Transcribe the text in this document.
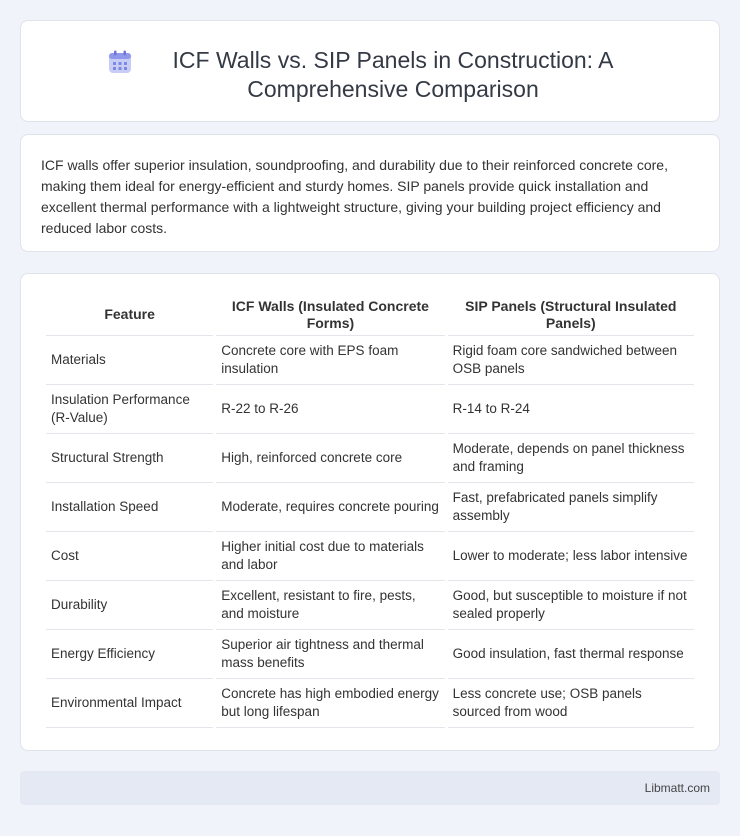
ICF Walls vs. SIP Panels in Construction: A Comprehensive Comparison

ICF walls offer superior insulation, soundproofing, and durability due to their reinforced concrete core, making them ideal for energy-efficient and sturdy homes. SIP panels provide quick installation and excellent thermal performance with a lightweight structure, giving your building project efficiency and reduced labor costs.

Feature	ICF Walls (Insulated Concrete Forms)	SIP Panels (Structural Insulated Panels)
Materials	Concrete core with EPS foam insulation	Rigid foam core sandwiched between OSB panels
Insulation Performance (R-Value)	R-22 to R-26	R-14 to R-24
Structural Strength	High, reinforced concrete core	Moderate, depends on panel thickness and framing
Installation Speed	Moderate, requires concrete pouring	Fast, prefabricated panels simplify assembly
Cost	Higher initial cost due to materials and labor	Lower to moderate; less labor intensive
Durability	Excellent, resistant to fire, pests, and moisture	Good, but susceptible to moisture if not sealed properly
Energy Efficiency	Superior air tightness and thermal mass benefits	Good insulation, fast thermal response
Environmental Impact	Concrete has high embodied energy but long lifespan	Less concrete use; OSB panels sourced from wood
Libmatt.com
